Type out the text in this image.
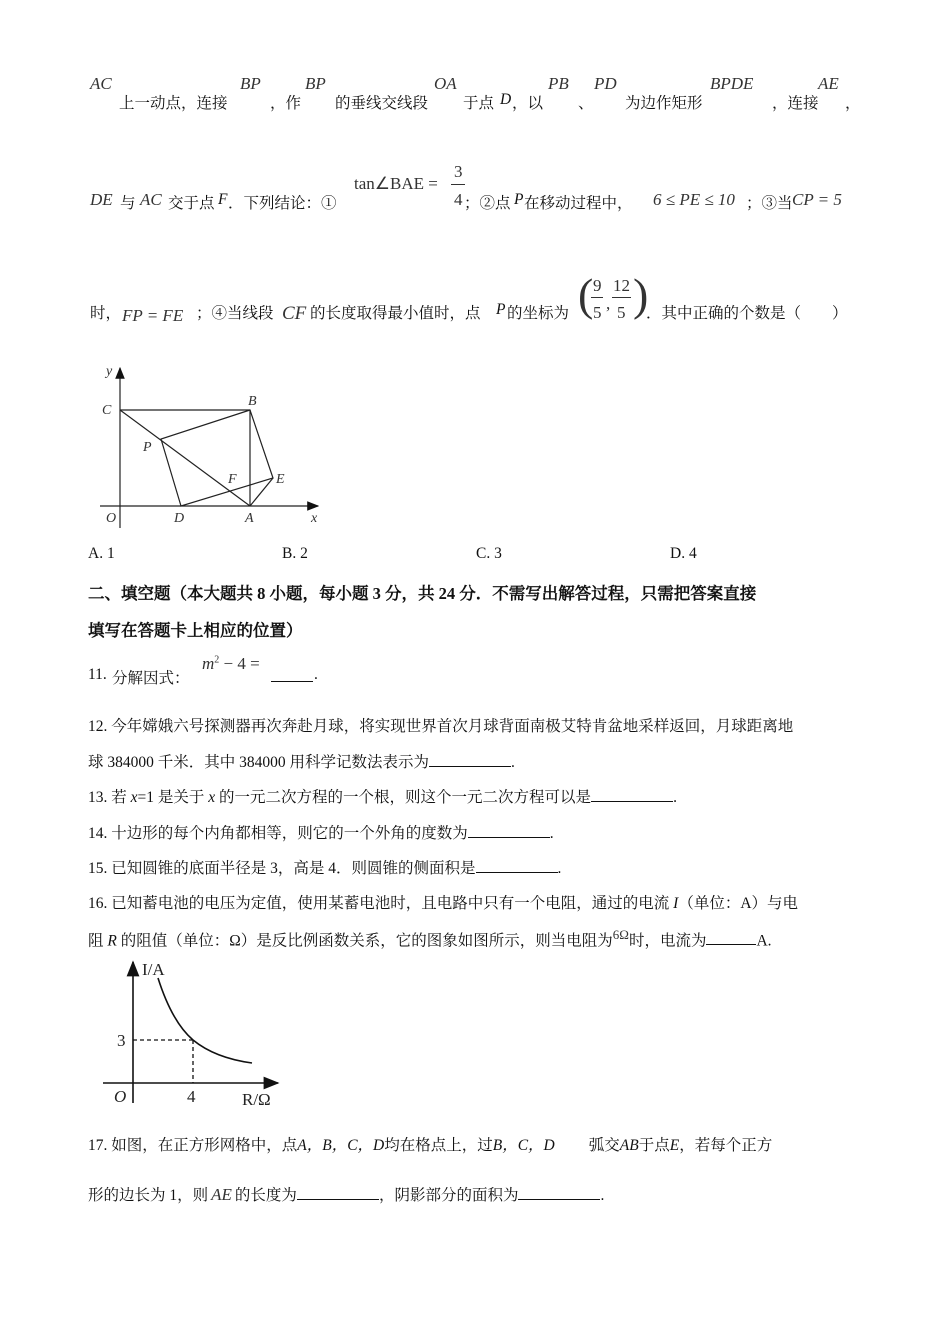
AC
上一动点，连接
BP
，作
BP
的垂线交线段
OA
于点 D ，以
PB
、
PD
为边作矩形
BPDE
，连接
AE
，
DE 与 AC 交于点 F ．下列结论：①
tan∠BAE =
3
4 ；②点 P 在移动过程中， 6 ≤ PE ≤ 10 ；③当 CP = 5
时， FP = FE ；④当线段 CF 的长度取得最小值时，点 P 的坐标为 ( 9
5 ,
12
5 )
．其中正确的个数是（　　）
y
x
O
C
B
P
F	E
D	A
A. 1	B. 2	C. 3	D. 4
二、填空题（本大题共 8 小题，每小题 3 分，共 24 分．不需写出解答过程，只需把答案直接
填写在答题卡上相应的位置）
11. 分解因式：
$m^2 - 4$ =
.
12. 今年嫦娥六号探测器再次奔赴月球，将实现世界首次月球背面南极艾特肯盆地采样返回，月球距离地
球 384000 千米．其中 384000 用科学记数法表示为	.
13. 若 x=1 是关于 x 的一元二次方程的一个根，则这个一元二次方程可以是	.
14. 十边形的每个内角都相等，则它的一个外角的度数为	.
15. 已知圆锥的底面半径是 3，高是 4．则圆锥的侧面积是	.
16. 已知蓄电池的电压为定值，使用某蓄电池时，且电路中只有一个电阻，通过的电流 I（单位：A）与电
阻 R 的阻值（单位：Ω）是反比例函数关系，它的图象如图所示，则当电阻为$^{6\Omega}$时，电流为	A.
I/A
3
4
O	R/Ω
17. 如图，在正方形网格中，点A，B，C，D均在格点上，过B，C，D 弧交AB于点E，若每个正方
形的边长为 1，则 AE 的长度为	，阴影部分的面积为	.
